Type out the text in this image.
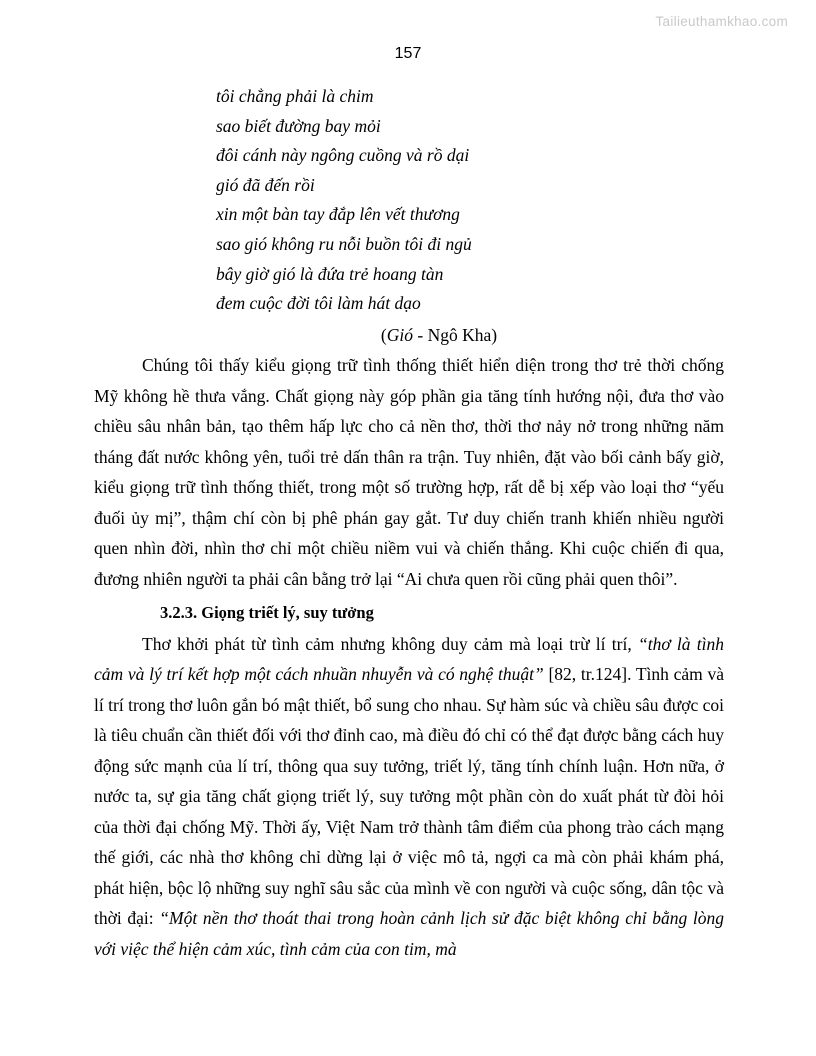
Tailieuthamkhao.com
157
tôi chẳng phải là chim
sao biết đường bay mỏi
đôi cánh này ngông cuồng và rồ dại
gió đã đến rồi
xin một bàn tay đắp lên vết thương
sao gió không ru nỗi buồn tôi đi ngủ
bây giờ gió là đứa trẻ hoang tàn
đem cuộc đời tôi làm hát dạo
(Gió - Ngô Kha)

Chúng tôi thấy kiểu giọng trữ tình thống thiết hiển diện trong thơ trẻ thời chống Mỹ không hề thưa vắng. Chất giọng này góp phần gia tăng tính hướng nội, đưa thơ vào chiều sâu nhân bản, tạo thêm hấp lực cho cả nền thơ, thời thơ nảy nở trong những năm tháng đất nước không yên, tuổi trẻ dấn thân ra trận. Tuy nhiên, đặt vào bối cảnh bấy giờ, kiểu giọng trữ tình thống thiết, trong một số trường hợp, rất dễ bị xếp vào loại thơ “yếu đuối ủy mị”, thậm chí còn bị phê phán gay gắt. Tư duy chiến tranh khiến nhiều người quen nhìn đời, nhìn thơ chỉ một chiều niềm vui và chiến thắng. Khi cuộc chiến đi qua, đương nhiên người ta phải cân bằng trở lại “Ai chưa quen rồi cũng phải quen thôi”.

3.2.3. Giọng triết lý, suy tưởng

Thơ khởi phát từ tình cảm nhưng không duy cảm mà loại trừ lí trí, “thơ là tình cảm và lý trí kết hợp một cách nhuần nhuyễn và có nghệ thuật” [82, tr.124]. Tình cảm và lí trí trong thơ luôn gắn bó mật thiết, bổ sung cho nhau. Sự hàm súc và chiều sâu được coi là tiêu chuẩn cần thiết đối với thơ đỉnh cao, mà điều đó chỉ có thể đạt được bằng cách huy động sức mạnh của lí trí, thông qua suy tưởng, triết lý, tăng tính chính luận. Hơn nữa, ở nước ta, sự gia tăng chất giọng triết lý, suy tưởng một phần còn do xuất phát từ đòi hỏi của thời đại chống Mỹ. Thời ấy, Việt Nam trở thành tâm điểm của phong trào cách mạng thế giới, các nhà thơ không chỉ dừng lại ở việc mô tả, ngợi ca mà còn phải khám phá, phát hiện, bộc lộ những suy nghĩ sâu sắc của mình về con người và cuộc sống, dân tộc và thời đại: “Một nền thơ thoát thai trong hoàn cảnh lịch sử đặc biệt không chỉ bằng lòng với việc thể hiện cảm xúc, tình cảm của con tim, mà
